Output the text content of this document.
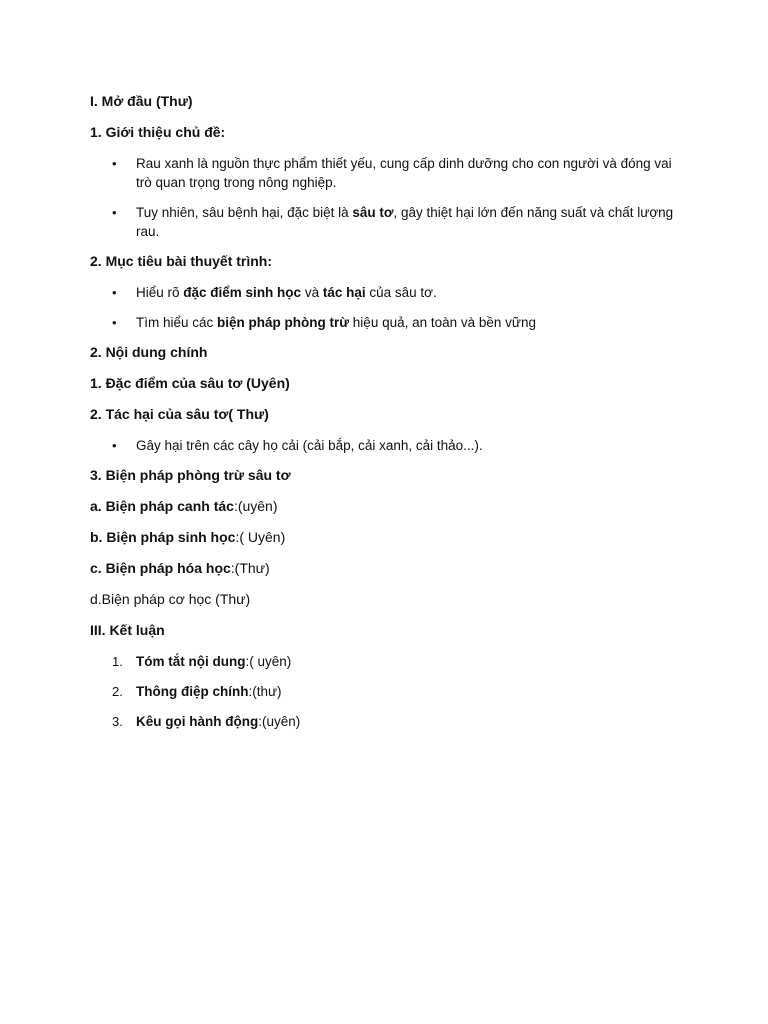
I. Mở đầu (Thư)

1. Giới thiệu chủ đề:

• Rau xanh là nguồn thực phẩm thiết yếu, cung cấp dinh dưỡng cho con người và đóng vai trò quan trọng trong nông nghiệp.
• Tuy nhiên, sâu bệnh hại, đặc biệt là sâu tơ, gây thiệt hại lớn đến năng suất và chất lượng rau.

2. Mục tiêu bài thuyết trình:

• Hiểu rõ đặc điểm sinh học và tác hại của sâu tơ.
• Tìm hiểu các biện pháp phòng trừ hiệu quả, an toàn và bền vững

2. Nội dung chính

1. Đặc điểm của sâu tơ (Uyên)

2. Tác hại của sâu tơ( Thư)

• Gây hại trên các cây họ cải (cải bắp, cải xanh, cải thảo...).

3. Biện pháp phòng trừ sâu tơ

a. Biện pháp canh tác:(uyên)

b. Biện pháp sinh học:( Uyên)

c. Biện pháp hóa học:(Thư)

d.Biện pháp cơ học (Thư)

III. Kết luận

1. Tóm tắt nội dung:( uyên)
2. Thông điệp chính:(thư)
3. Kêu gọi hành động:(uyên)
